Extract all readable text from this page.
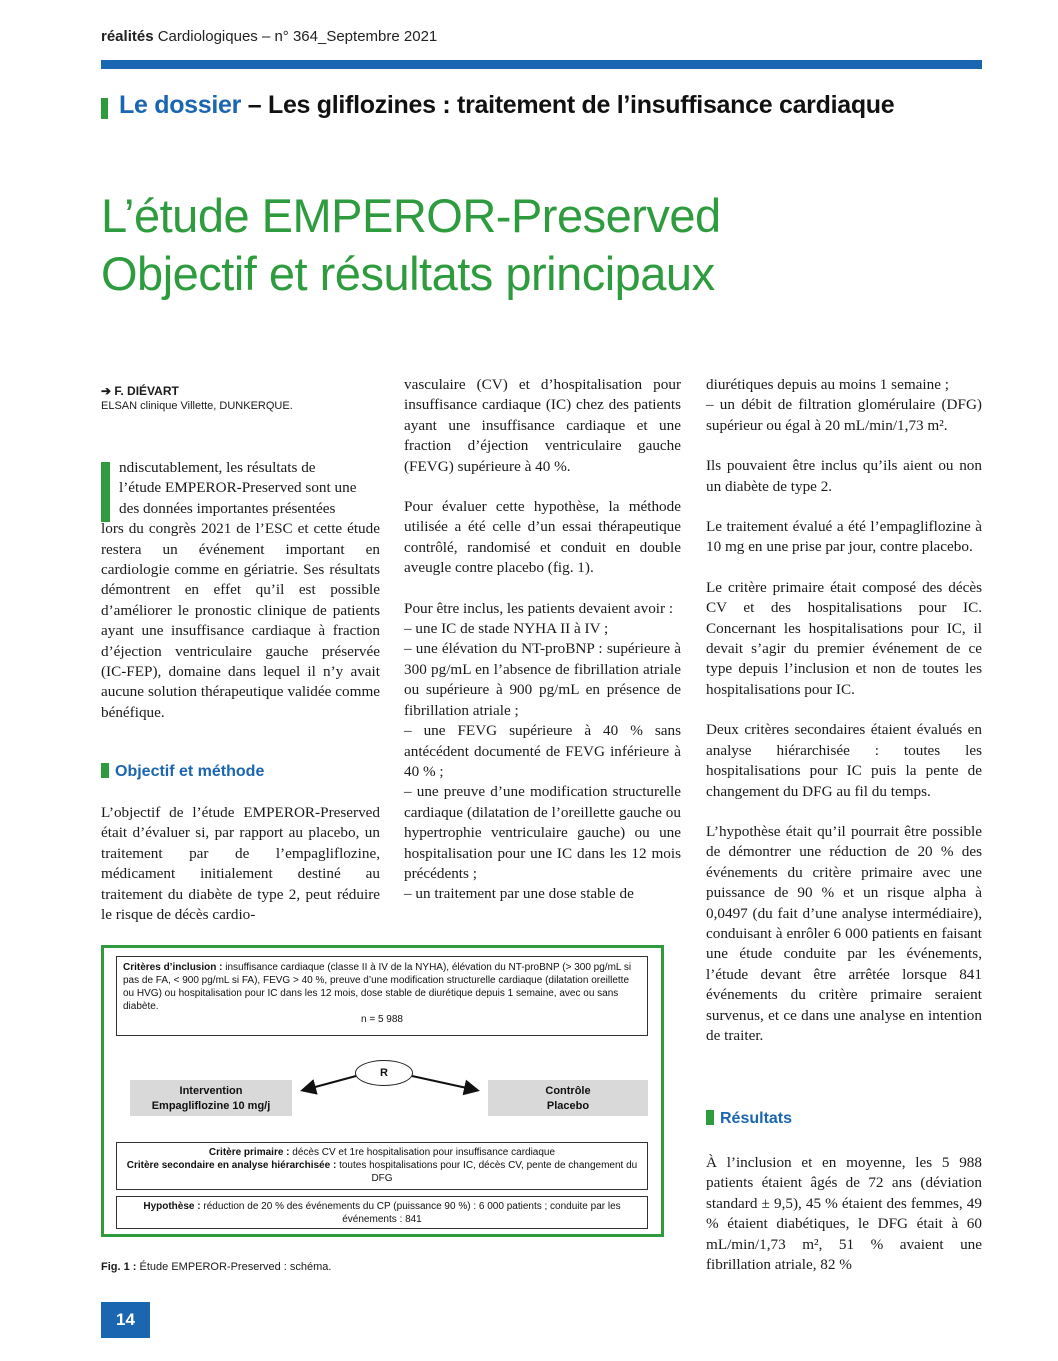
réalités Cardiologiques – n° 364_Septembre 2021
Le dossier – Les gliflozines : traitement de l’insuffisance cardiaque
L’étude EMPEROR-Preserved
Objectif et résultats principaux
➔ F. DIÉVART
ELSAN clinique Villette, DUNKERQUE.

ndiscutablement, les résultats de

l’étude EMPEROR-Preserved sont une

des données importantes présentées

lors du congrès 2021 de l’ESC et cette étude restera un événement important en cardiologie comme en gériatrie. Ses résultats démontrent en effet qu’il est possible d’améliorer le pronostic clinique de patients ayant une insuffisance cardiaque à fraction d’éjection ventriculaire gauche préservée (IC-FEP), domaine dans lequel il n’y avait aucune solution thérapeutique validée comme bénéfique.

Objectif et méthode

L’objectif de l’étude EMPEROR-Preserved était d’évaluer si, par rapport au placebo, un traitement par de l’empagliflozine, médicament initialement destiné au traitement du diabète de type 2, peut réduire le risque de décès cardio-

vasculaire (CV) et d’hospitalisation pour insuffisance cardiaque (IC) chez des patients ayant une insuffisance cardiaque et une fraction d’éjection ventriculaire gauche (FEVG) supérieure à 40 %.

Pour évaluer cette hypothèse, la méthode utilisée a été celle d’un essai thérapeutique contrôlé, randomisé et conduit en double aveugle contre placebo (fig. 1).

Pour être inclus, les patients devaient avoir :

– une IC de stade NYHA II à IV ;

– une élévation du NT-proBNP : supérieure à 300 pg/mL en l’absence de fibrillation atriale ou supérieure à 900 pg/mL en présence de fibrillation atriale ;

– une FEVG supérieure à 40 % sans antécédent documenté de FEVG inférieure à 40 % ;

– une preuve d’une modification structurelle cardiaque (dilatation de l’oreillette gauche ou hypertrophie ventriculaire gauche) ou une hospitalisation pour une IC dans les 12 mois précédents ;

– un traitement par une dose stable de

diurétiques depuis au moins 1 semaine ;

– un débit de filtration glomérulaire (DFG) supérieur ou égal à 20 mL/min/1,73 m².

Ils pouvaient être inclus qu’ils aient ou non un diabète de type 2.

Le traitement évalué a été l’empagliflozine à 10 mg en une prise par jour, contre placebo.

Le critère primaire était composé des décès CV et des hospitalisations pour IC. Concernant les hospitalisations pour IC, il devait s’agir du premier événement de ce type depuis l’inclusion et non de toutes les hospitalisations pour IC.

Deux critères secondaires étaient évalués en analyse hiérarchisée : toutes les hospitalisations pour IC puis la pente de changement du DFG au fil du temps.

L’hypothèse était qu’il pourrait être possible de démontrer une réduction de 20 % des événements du critère primaire avec une puissance de 90 % et un risque alpha à 0,0497 (du fait d’une analyse intermédiaire), conduisant à enrôler 6 000 patients en faisant une étude conduite par les événements, l’étude devant être arrêtée lorsque 841 événements du critère primaire seraient survenus, et ce dans une analyse en intention de traiter.

Résultats

À l’inclusion et en moyenne, les 5 988 patients étaient âgés de 72 ans (déviation standard ± 9,5), 45 % étaient des femmes, 49 % étaient diabétiques, le DFG était à 60 mL/min/1,73 m², 51 % avaient une fibrillation atriale, 82 %

Critères d’inclusion : insuffisance cardiaque (classe II à IV de la NYHA), élévation du NT-proBNP (> 300 pg/mL si pas de FA, < 900 pg/mL si FA), FEVG > 40 %, preuve d’une modification structurelle cardiaque (dilatation oreillette ou HVG) ou hospitalisation pour IC dans les 12 mois, dose stable de diurétique depuis 1 semaine, avec ou sans diabète.
n = 5 988
R
Intervention
Empagliflozine 10 mg/j
Contrôle
Placebo
Critère primaire : décès CV et 1re hospitalisation pour insuffisance cardiaque
Critère secondaire en analyse hiérarchisée : toutes hospitalisations pour IC, décès CV, pente de changement du DFG
Hypothèse : réduction de 20 % des événements du CP (puissance 90 %) : 6 000 patients ; conduite par les événements : 841
Fig. 1 : Étude EMPEROR-Preserved : schéma.
14
